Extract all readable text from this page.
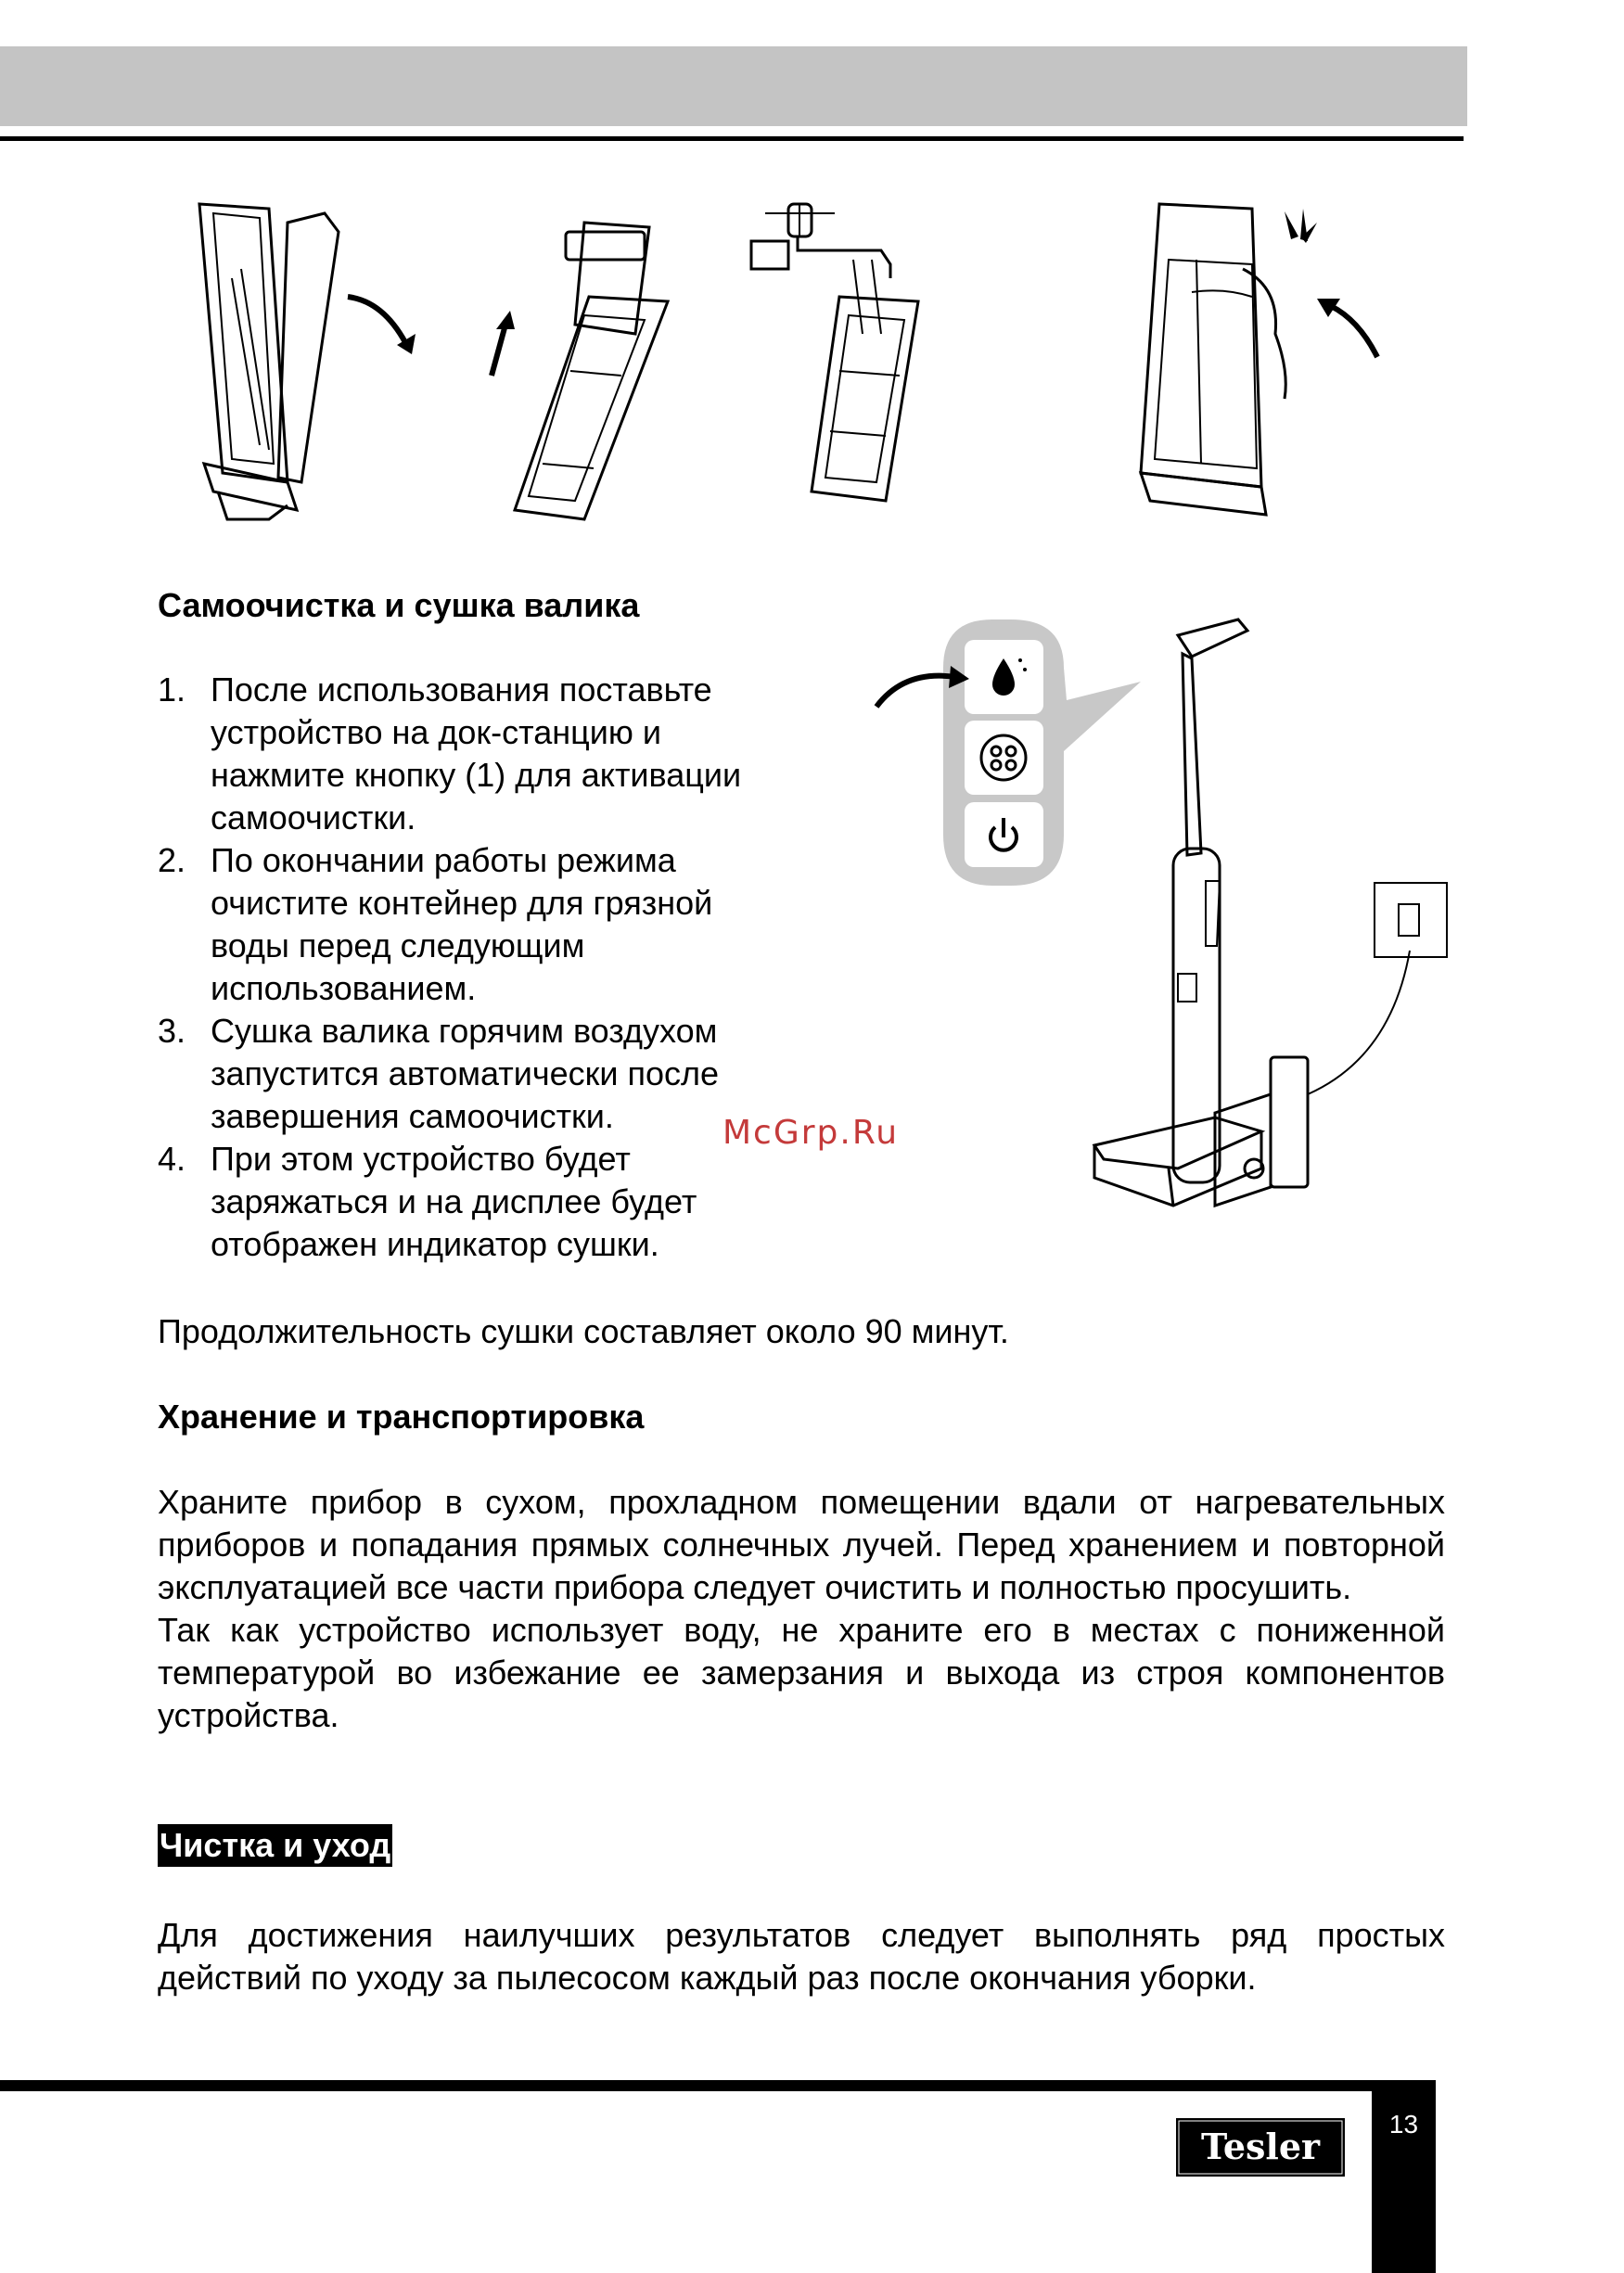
Самоочистка и сушка валика
1. После использования поставьте
устройство на док-станцию и
нажмите кнопку (1) для активации
самоочистки.
2. По окончании работы режима
очистите контейнер для грязной
воды перед следующим
использованием.
3. Сушка валика горячим воздухом
запустится автоматически после
завершения самоочистки.
4. При этом устройство будет
заряжаться и на дисплее будет
отображен индикатор сушки.
McGrp.Ru
Продолжительность сушки составляет около 90 минут.
Хранение и транспортировка

Храните прибор в сухом, прохладном помещении вдали от нагревательных приборов и попадания прямых солнечных лучей. Перед хранением и повторной эксплуатацией все части прибора следует очистить и полностью просушить.

Так как устройство использует воду, не храните его в местах с пониженной температурой во избежание ее замерзания и выхода из строя компонентов устройства.

Чистка и уход

Для достижения наилучших результатов следует выполнять ряд простых действий по уходу за пылесосом каждый раз после окончания уборки.

13
Tesler
